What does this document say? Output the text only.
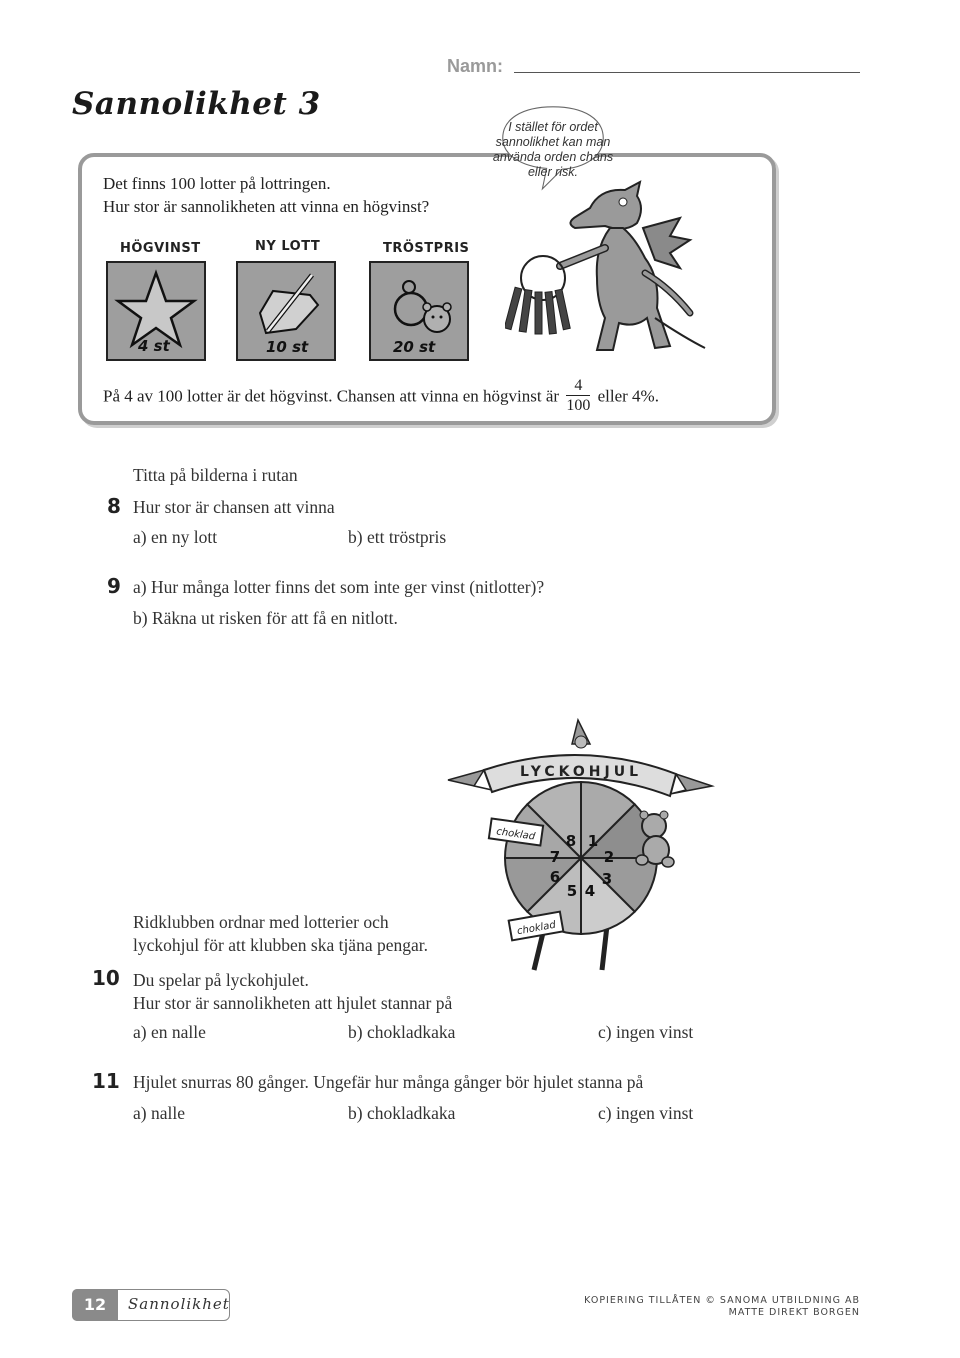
Sannolikhet 3
Namn:
Det finns 100 lotter på lottringen.
Hur stor är sannolikheten att vinna en högvinst?
I stället för ordet
sannolikhet kan man
använda orden chans
eller risk.
HÖGVINST	NY LOTT	TRÖSTPRIS
4 st	10 st	20 st
På 4 av 100 lotter är det högvinst. Chansen att vinna en högvinst är $\frac{4}{100}$ eller 4%.
Titta på bilderna i rutan
8 Hur stor är chansen att vinna
a) en ny lott	b) ett tröstpris
9 a) Hur många lotter finns det som inte ger vinst (nitlotter)?
b) Räkna ut risken för att få en nitlott.
LYCKOHJUL
1
2
3
4
5
6
7
8
choklad
choklad
Ridklubben ordnar med lotterier och
lyckohjul för att klubben ska tjäna pengar.
10 Du spelar på lyckohjulet.
Hur stor är sannolikheten att hjulet stannar på
a) en nalle	b) chokladkaka	c) ingen vinst
11 Hjulet snurras 80 gånger. Ungefär hur många gånger bör hjulet stanna på
a) nalle	b) chokladkaka	c) ingen vinst
12	Sannolikhet	KOPIERING TILLÅTEN © SANOMA UTBILDNING AB
MATTE DIREKT BORGEN
